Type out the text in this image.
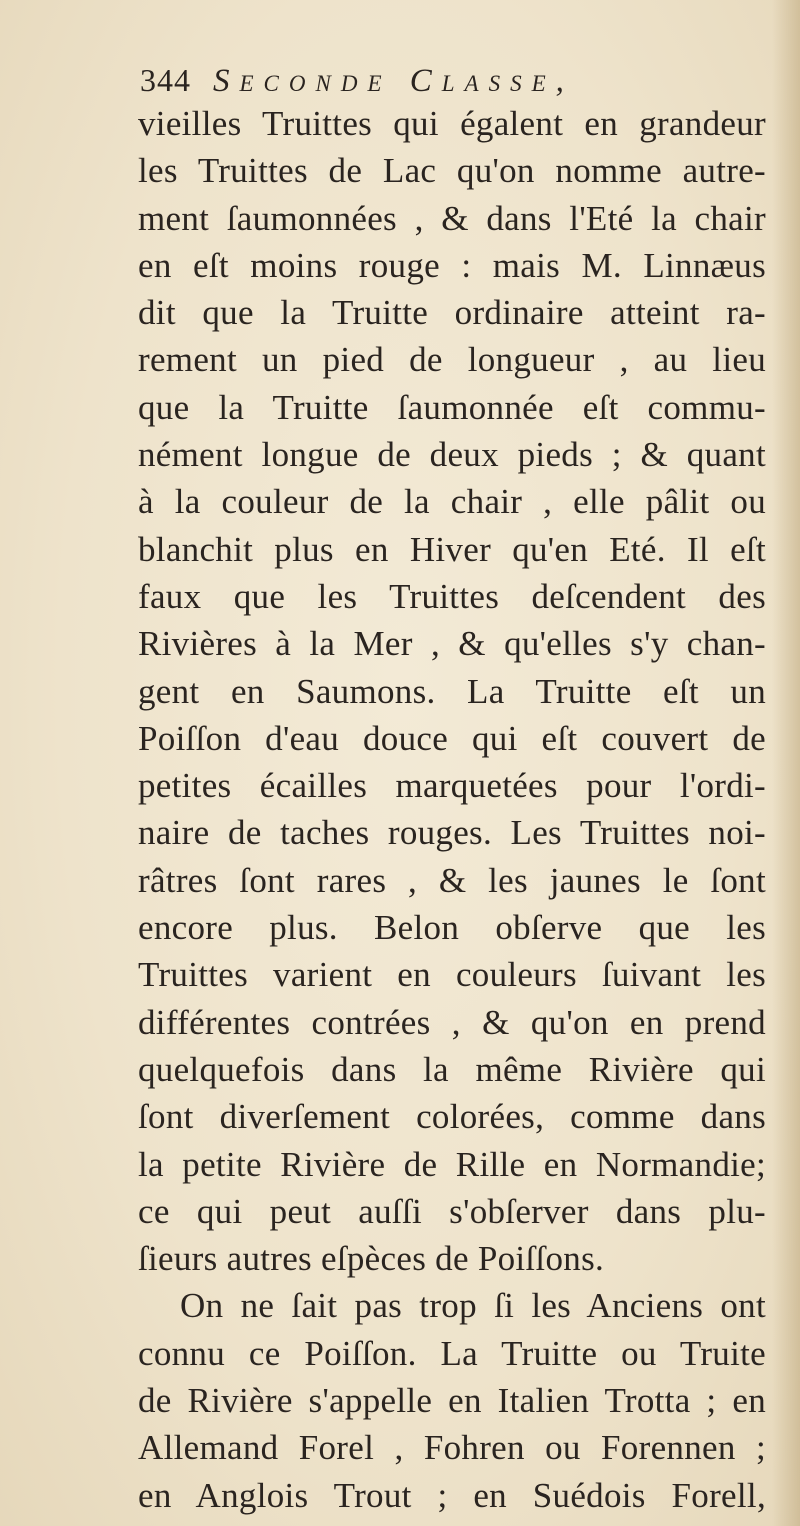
344 Seconde Classe,
vieilles Truittes qui égalent en grandeur
les Truittes de Lac qu'on nomme autre-
ment ſaumonnées , & dans l'Eté la chair
en eſt moins rouge : mais M. Linnæus
dit que la Truitte ordinaire atteint ra-
rement un pied de longueur , au lieu
que la Truitte ſaumonnée eſt commu-
nément longue de deux pieds ; & quant
à la couleur de la chair , elle pâlit ou
blanchit plus en Hiver qu'en Eté. Il eſt
faux que les Truittes deſcendent des
Rivières à la Mer , & qu'elles s'y chan-
gent en Saumons. La Truitte eſt un
Poiſſon d'eau douce qui eſt couvert de
petites écailles marquetées pour l'ordi-
naire de taches rouges. Les Truittes noi-
râtres ſont rares , & les jaunes le ſont
encore plus. Belon obſerve que les
Truittes varient en couleurs ſuivant les
différentes contrées , & qu'on en prend
quelquefois dans la même Rivière qui
ſont diverſement colorées, comme dans
la petite Rivière de Rille en Normandie;
ce qui peut auſſi s'obſerver dans plu-
ſieurs autres eſpèces de Poiſſons.
On ne ſait pas trop ſi les Anciens ont
connu ce Poiſſon. La Truitte ou Truite
de Rivière s'appelle en Italien Trotta ; en
Allemand Forel , Fohren ou Forennen ;
en Anglois Trout ; en Suédois Forell,
